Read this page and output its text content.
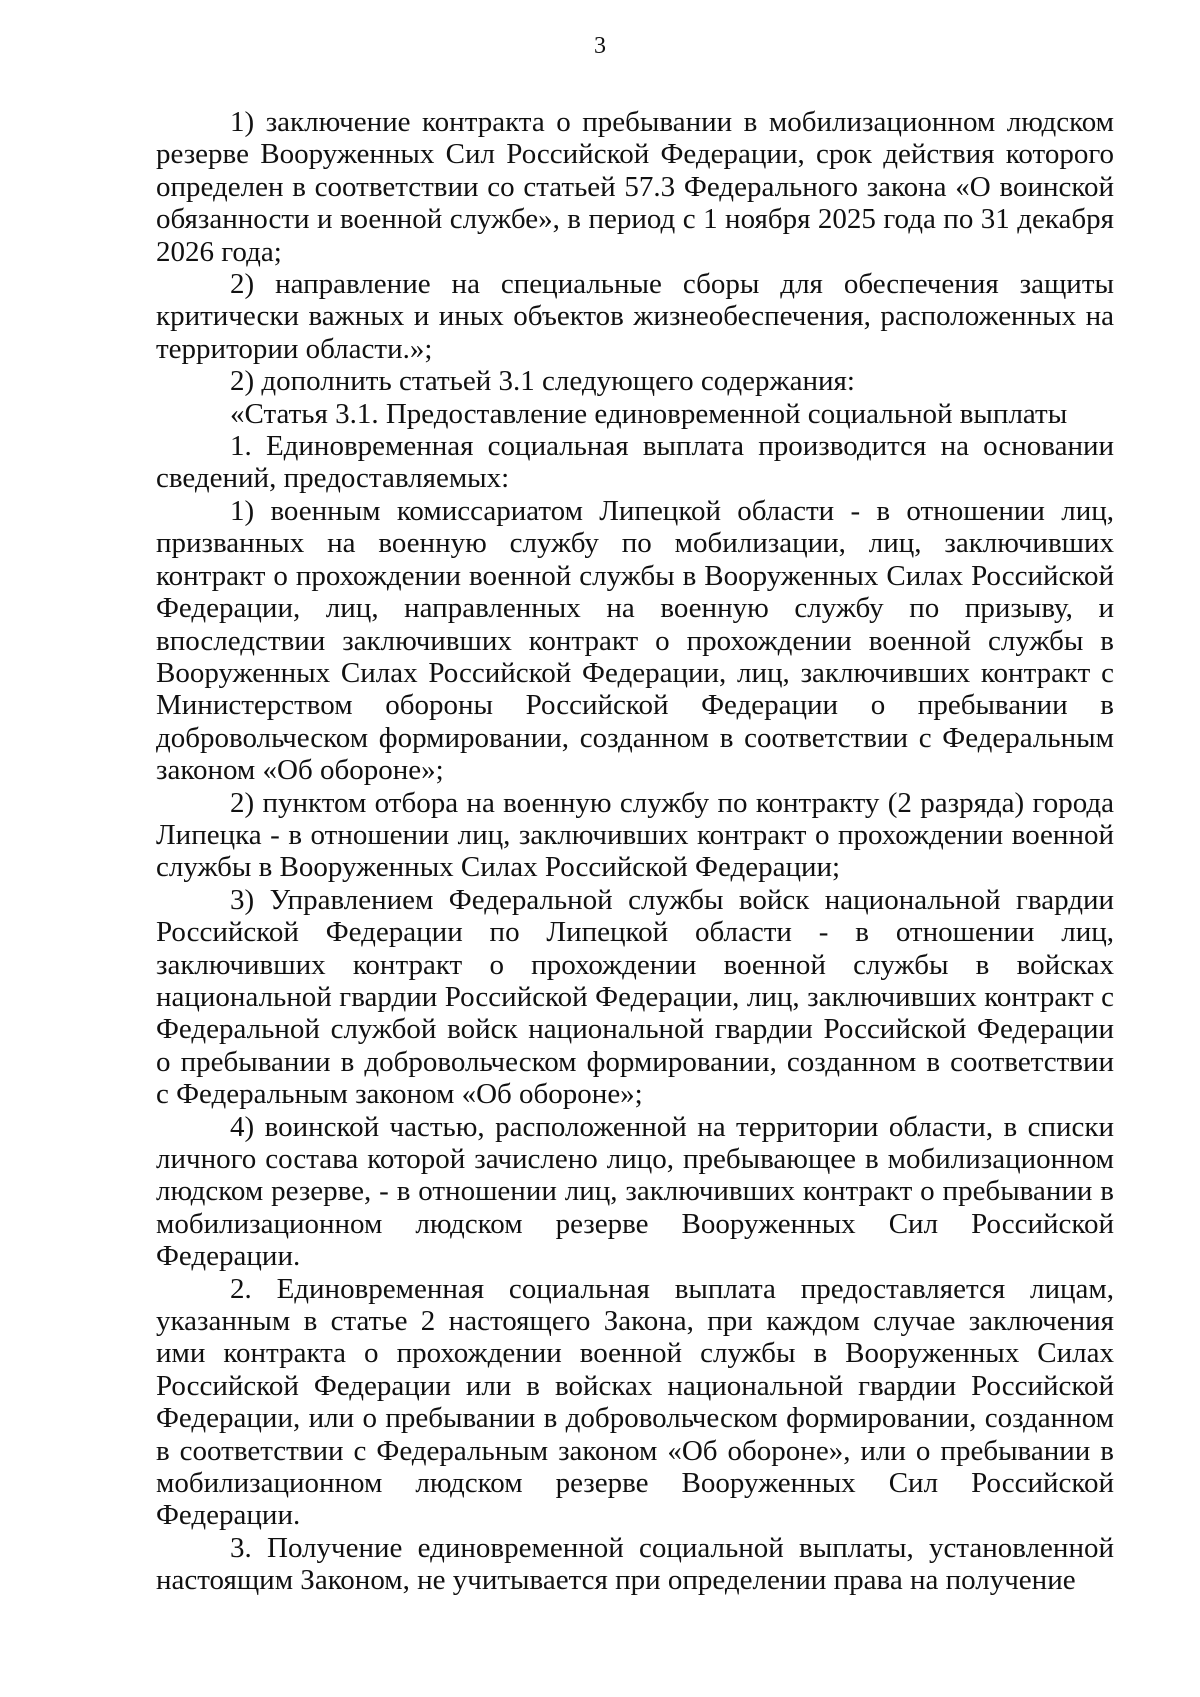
3

1) заключение контракта о пребывании в мобилизационном людском резерве Вооруженных Сил Российской Федерации, срок действия которого определен в соответствии со статьей 57.3 Федерального закона «О воинской обязанности и военной службе», в период с 1 ноября 2025 года по 31 декабря 2026 года;

2) направление на специальные сборы для обеспечения защиты критически важных и иных объектов жизнеобеспечения, расположенных на территории области.»;

2) дополнить статьей 3.1 следующего содержания:

«Статья 3.1. Предоставление единовременной социальной выплаты

1. Единовременная социальная выплата производится на основании сведений, предоставляемых:

1) военным комиссариатом Липецкой области - в отношении лиц, призванных на военную службу по мобилизации, лиц, заключивших контракт о прохождении военной службы в Вооруженных Силах Российской Федерации, лиц, направленных на военную службу по призыву, и впоследствии заключивших контракт о прохождении военной службы в Вооруженных Силах Российской Федерации, лиц, заключивших контракт с Министерством обороны Российской Федерации о пребывании в добровольческом формировании, созданном в соответствии с Федеральным законом «Об обороне»;

2) пунктом отбора на военную службу по контракту (2 разряда) города Липецка - в отношении лиц, заключивших контракт о прохождении военной службы в Вооруженных Силах Российской Федерации;

3) Управлением Федеральной службы войск национальной гвардии Российской Федерации по Липецкой области - в отношении лиц, заключивших контракт о прохождении военной службы в войсках национальной гвардии Российской Федерации, лиц, заключивших контракт с Федеральной службой войск национальной гвардии Российской Федерации о пребывании в добровольческом формировании, созданном в соответствии с Федеральным законом «Об обороне»;

4) воинской частью, расположенной на территории области, в списки личного состава которой зачислено лицо, пребывающее в мобилизационном людском резерве, - в отношении лиц, заключивших контракт о пребывании в мобилизационном людском резерве Вооруженных Сил Российской Федерации.

2. Единовременная социальная выплата предоставляется лицам, указанным в статье 2 настоящего Закона, при каждом случае заключения ими контракта о прохождении военной службы в Вооруженных Силах Российской Федерации или в войсках национальной гвардии Российской Федерации, или о пребывании в добровольческом формировании, созданном в соответствии с Федеральным законом «Об обороне», или о пребывании в мобилизационном людском резерве Вооруженных Сил Российской Федерации.

3. Получение единовременной социальной выплаты, установленной настоящим Законом, не учитывается при определении права на получение
